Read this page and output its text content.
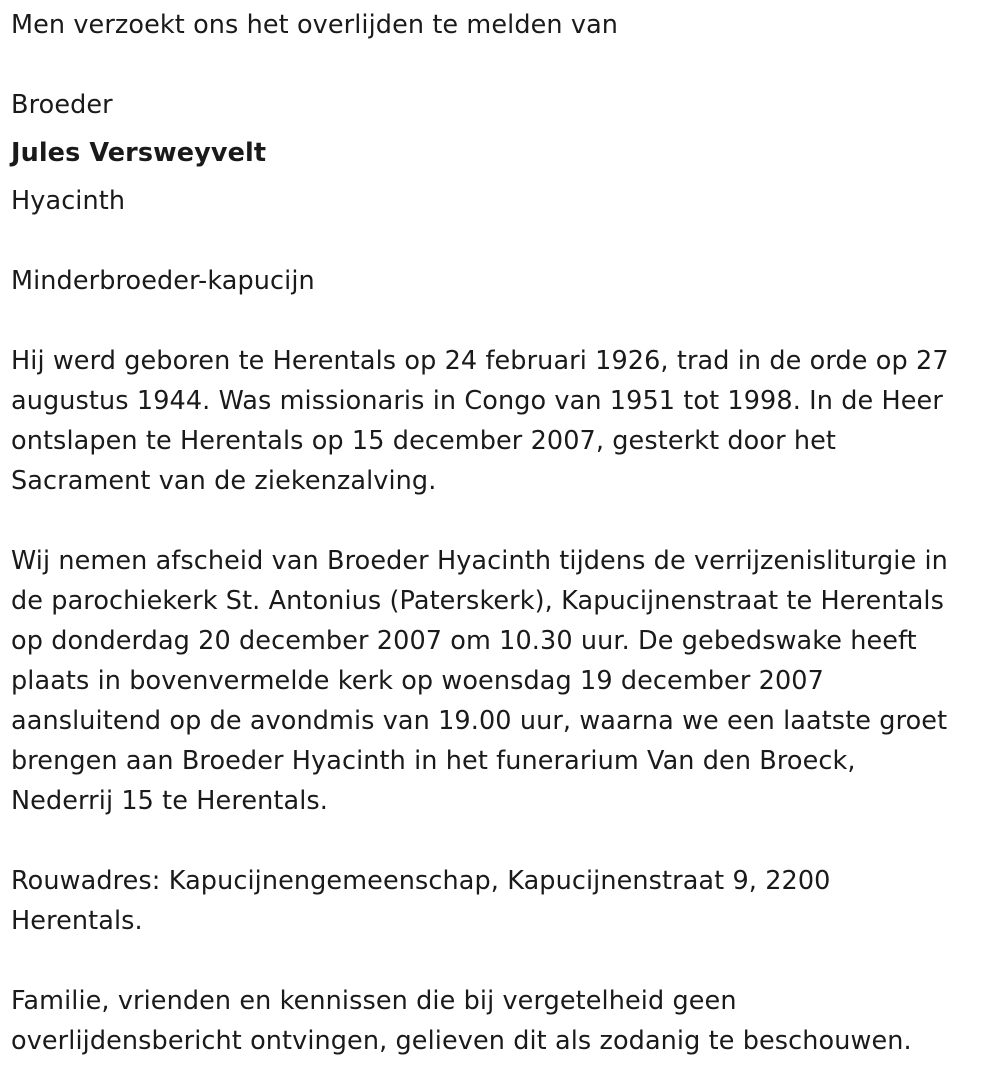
Men verzoekt ons het overlijden te melden van
Broeder
Jules Versweyvelt
Hyacinth
Minderbroeder-kapucijn
Hij werd geboren te Herentals op 24 februari 1926, trad in de orde op 27
augustus 1944. Was missionaris in Congo van 1951 tot 1998. In de Heer
ontslapen te Herentals op 15 december 2007, gesterkt door het
Sacrament van de ziekenzalving.
Wij nemen afscheid van Broeder Hyacinth tijdens de verrijzenisliturgie in
de parochiekerk St. Antonius (Paterskerk), Kapucijnenstraat te Herentals
op donderdag 20 december 2007 om 10.30 uur. De gebedswake heeft
plaats in bovenvermelde kerk op woensdag 19 december 2007
aansluitend op de avondmis van 19.00 uur, waarna we een laatste groet
brengen aan Broeder Hyacinth in het funerarium Van den Broeck,
Nederrij 15 te Herentals.
Rouwadres: Kapucijnengemeenschap, Kapucijnenstraat 9, 2200
Herentals.
Familie, vrienden en kennissen die bij vergetelheid geen
overlijdensbericht ontvingen, gelieven dit als zodanig te beschouwen.
